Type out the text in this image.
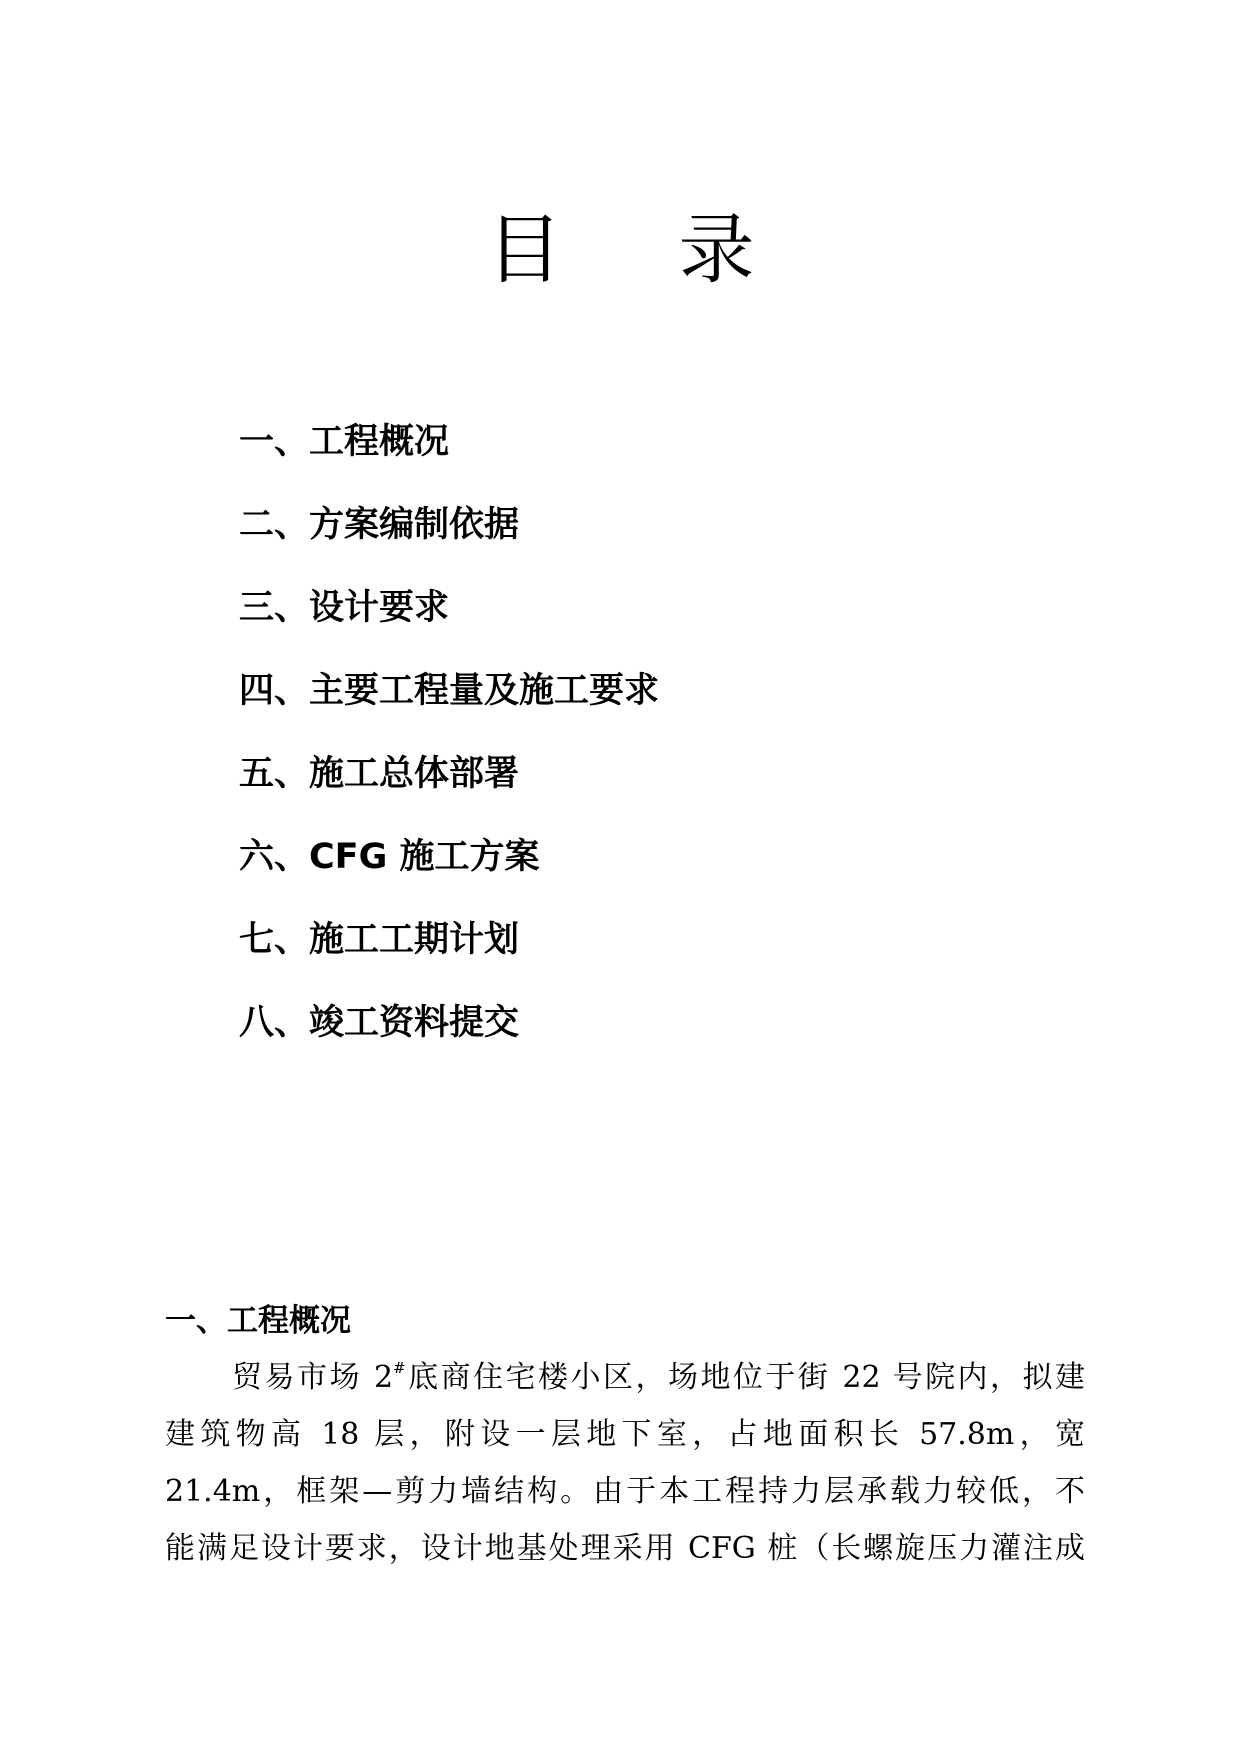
目 录
一、工程概况
二、方案编制依据
三、设计要求
四、主要工程量及施工要求
五、施工总体部署
六、CFG 施工方案
七、施工工期计划
八、竣工资料提交
一、工程概况
贸易市场 2#底商住宅楼小区，场地位于街 22 号院内，拟建
建筑物高 18 层，附设一层地下室，占地面积长 57.8m，宽
21.4m，框架—剪力墙结构。由于本工程持力层承载力较低，不
能满足设计要求，设计地基处理采用 CFG 桩（长螺旋压力灌注成
